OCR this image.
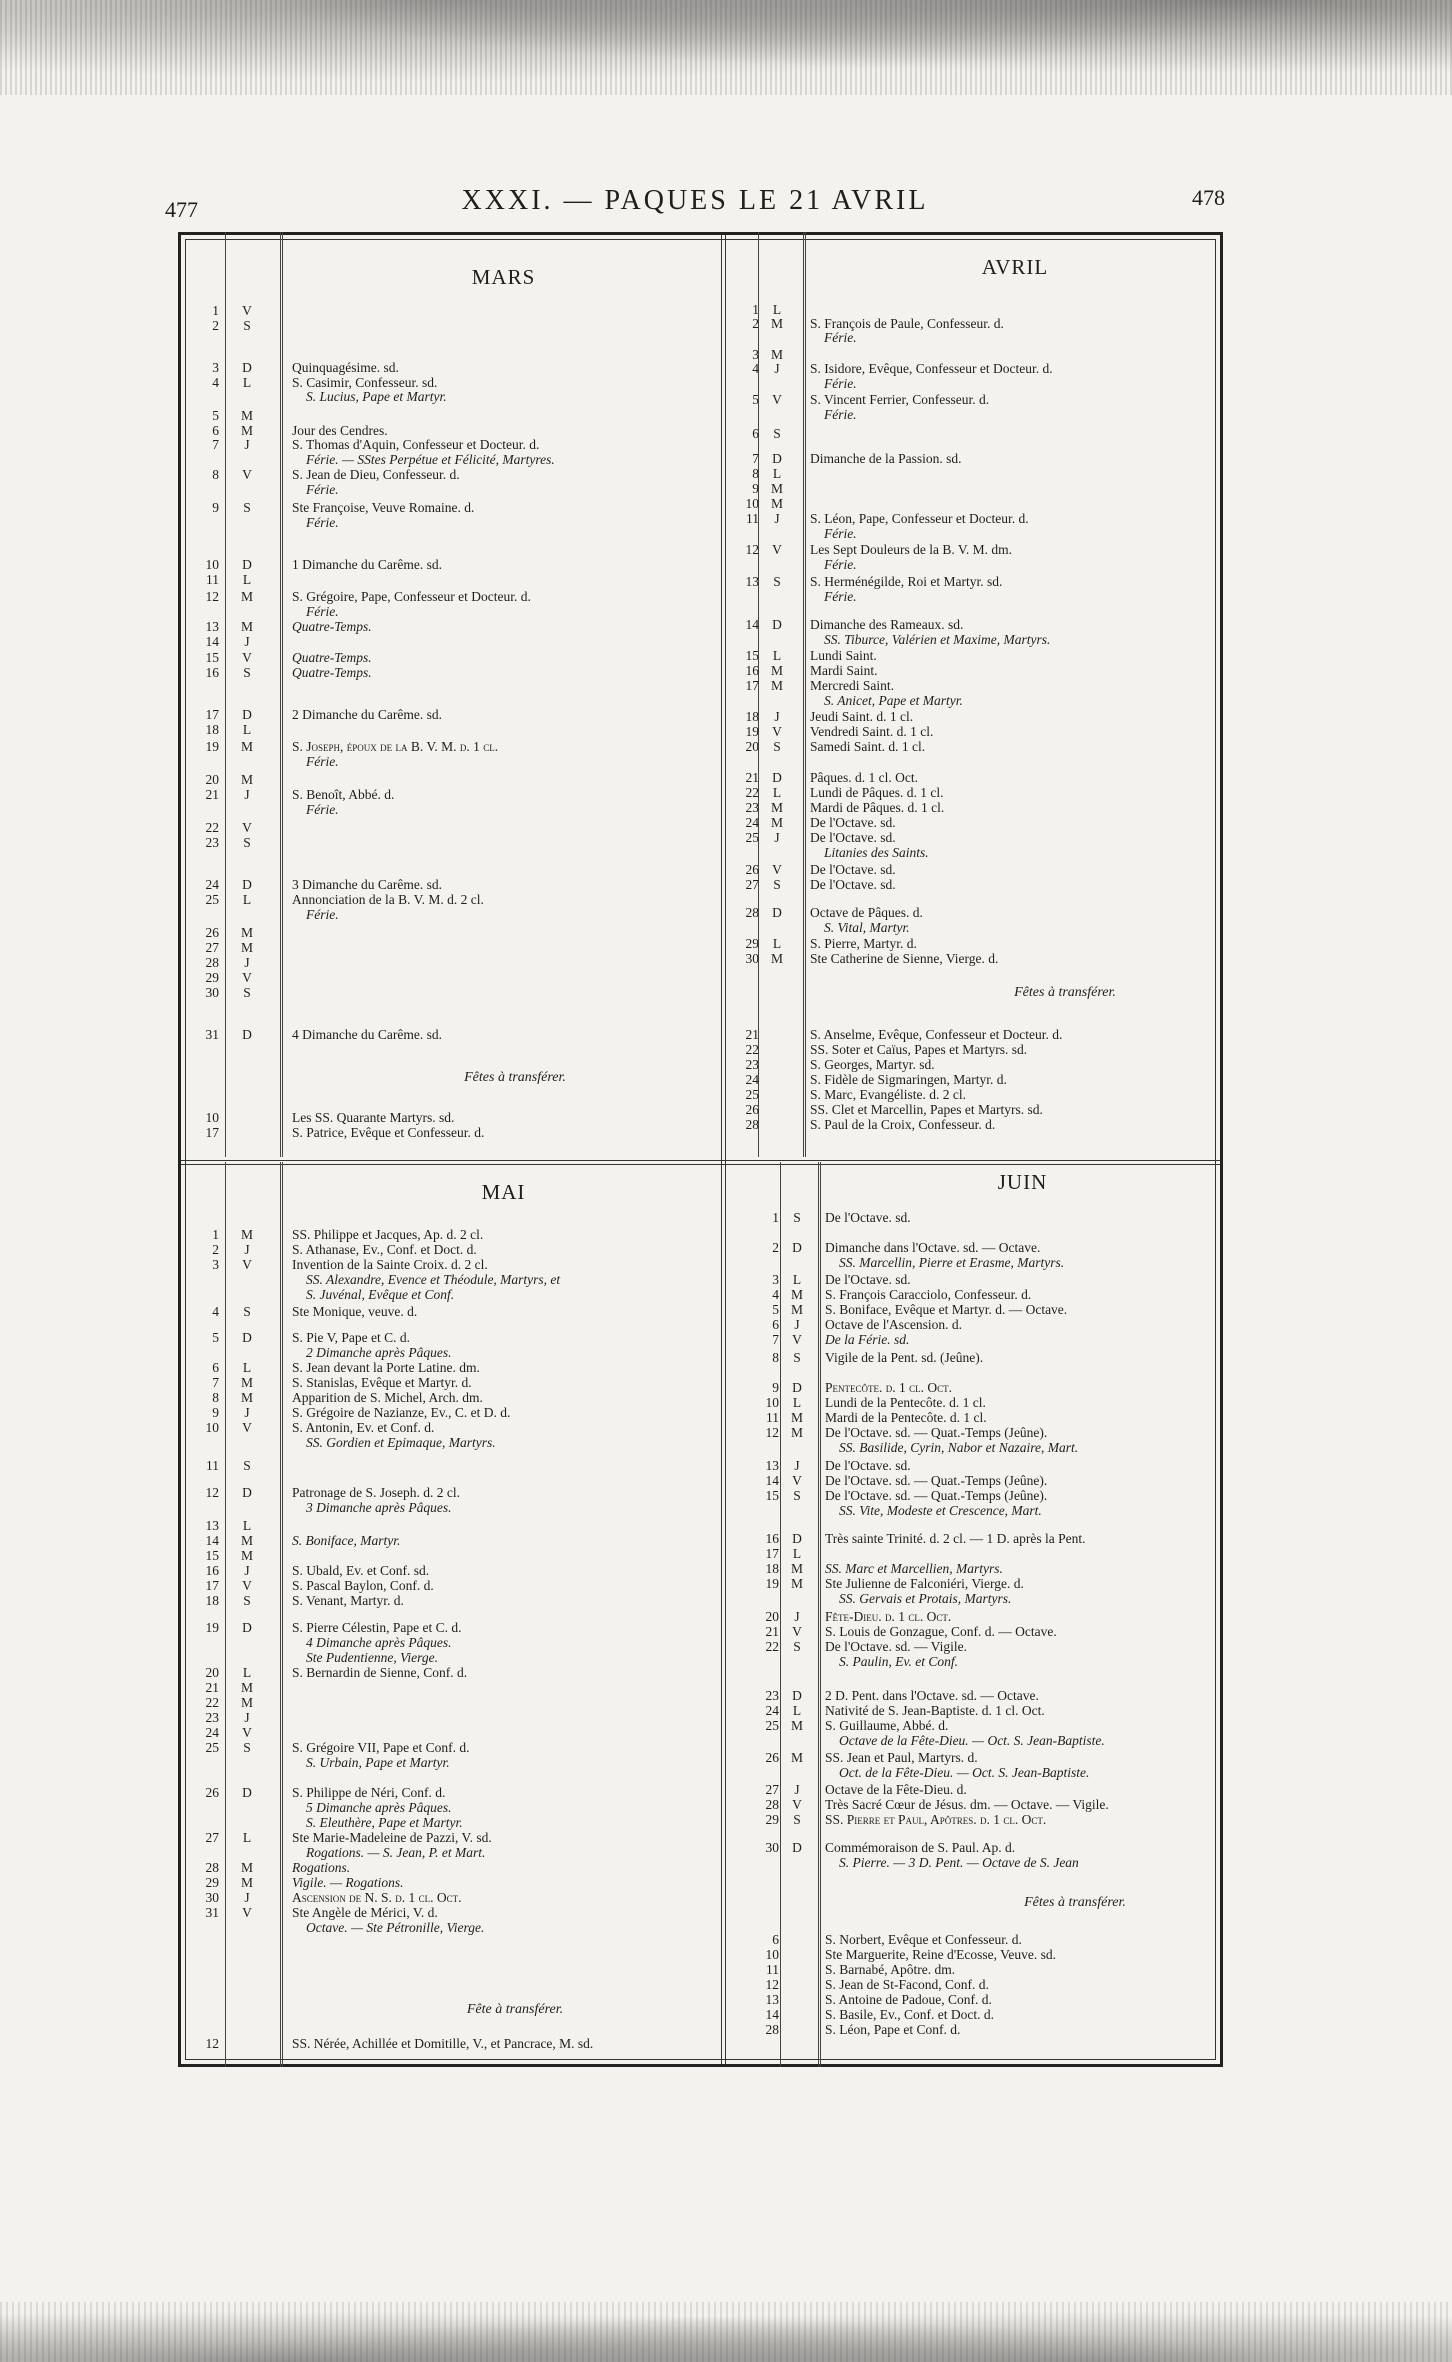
477	XXXI. — PAQUES LE 21 AVRIL	478
MARS
1	V
2	S
3	D	Quinquagésime. sd.
4	L	S. Casimir, Confesseur. sd.
S. Lucius, Pape et Martyr.
5	M
6	M	Jour des Cendres.
7	J	S. Thomas d'Aquin, Confesseur et Docteur. d.
Férie. — SStes Perpétue et Félicité, Martyres.
8	V	S. Jean de Dieu, Confesseur. d.
Férie.
9	S	Ste Françoise, Veuve Romaine. d.
Férie.
10	D	1 Dimanche du Carême. sd.
11	L
12	M	S. Grégoire, Pape, Confesseur et Docteur. d.
Férie.
13	M	Quatre-Temps.
14	J
15	V	Quatre-Temps.
16	S	Quatre-Temps.
17	D	2 Dimanche du Carême. sd.
18	L
19	M	S. Joseph, époux de la B. V. M. d. 1 cl.
Férie.
20	M
21	J	S. Benoît, Abbé. d.
Férie.
22	V
23	S
24	D	3 Dimanche du Carême. sd.
25	L	Annonciation de la B. V. M. d. 2 cl.
Férie.
26	M
27	M
28	J
29	V
30	S
31	D	4 Dimanche du Carême. sd.
10	Les SS. Quarante Martyrs. sd.
17	S. Patrice, Evêque et Confesseur. d.
Fêtes à transférer.
AVRIL
1	L
2 M	S. François de Paule, Confesseur. d.
Férie.
3 M
4	J	S. Isidore, Evêque, Confesseur et Docteur. d.
Férie.
5 V	S. Vincent Ferrier, Confesseur. d.
Férie.
6	S
7 D	Dimanche de la Passion. sd.
8	L
9 M
10 M
11	J	S. Léon, Pape, Confesseur et Docteur. d.
Férie.
12 V	Les Sept Douleurs de la B. V. M. dm.
Férie.
13	S	S. Herménégilde, Roi et Martyr. sd.
Férie.
14 D	Dimanche des Rameaux. sd.
SS. Tiburce, Valérien et Maxime, Martyrs.
15	L	Lundi Saint.
16 M	Mardi Saint.
17 M	Mercredi Saint.
S. Anicet, Pape et Martyr.
18	J	Jeudi Saint. d. 1 cl.
19 V	Vendredi Saint. d. 1 cl.
20	S	Samedi Saint. d. 1 cl.
21 D	Pâques. d. 1 cl. Oct.
22	L	Lundi de Pâques. d. 1 cl.
23 M	Mardi de Pâques. d. 1 cl.
24 M	De l'Octave. sd.
25	J	De l'Octave. sd.
Litanies des Saints.
26 V	De l'Octave. sd.
27	S	De l'Octave. sd.
28 D	Octave de Pâques. d.
S. Vital, Martyr.
29	L	S. Pierre, Martyr. d.
30 M	Ste Catherine de Sienne, Vierge. d.
21	S. Anselme, Evêque, Confesseur et Docteur. d.
22	SS. Soter et Caïus, Papes et Martyrs. sd.
23	S. Georges, Martyr. sd.
24	S. Fidèle de Sigmaringen, Martyr. d.
25	S. Marc, Evangéliste. d. 2 cl.
26	SS. Clet et Marcellin, Papes et Martyrs. sd.
28	S. Paul de la Croix, Confesseur. d.
Fêtes à transférer.
MAI
1	M	SS. Philippe et Jacques, Ap. d. 2 cl.
2	J	S. Athanase, Ev., Conf. et Doct. d.
3	V	Invention de la Sainte Croix. d. 2 cl.
SS. Alexandre, Evence et Théodule, Martyrs, et
S. Juvénal, Evêque et Conf.
4	S	Ste Monique, veuve. d.
5	D	S. Pie V, Pape et C. d.
2 Dimanche après Pâques.
6	L	S. Jean devant la Porte Latine. dm.
7	M	S. Stanislas, Evêque et Martyr. d.
8	M	Apparition de S. Michel, Arch. dm.
9	J	S. Grégoire de Nazianze, Ev., C. et D. d.
10	V	S. Antonin, Ev. et Conf. d.
SS. Gordien et Epimaque, Martyrs.
11	S
12	D	Patronage de S. Joseph. d. 2 cl.
3 Dimanche après Pâques.
13	L
14	M	S. Boniface, Martyr.
15	M
16	J	S. Ubald, Ev. et Conf. sd.
17	V	S. Pascal Baylon, Conf. d.
18	S	S. Venant, Martyr. d.
19	D	S. Pierre Célestin, Pape et C. d.
4 Dimanche après Pâques.
Ste Pudentienne, Vierge.
20	L	S. Bernardin de Sienne, Conf. d.
21	M
22	M
23	J
24	V
25	S	S. Grégoire VII, Pape et Conf. d.
S. Urbain, Pape et Martyr.
26	D	S. Philippe de Néri, Conf. d.
5 Dimanche après Pâques.
S. Eleuthère, Pape et Martyr.
27	L	Ste Marie-Madeleine de Pazzi, V. sd.
Rogations. — S. Jean, P. et Mart.
28	M	Rogations.
29	M	Vigile. — Rogations.
30	J	Ascension de N. S. d. 1 cl. Oct.
31	V	Ste Angèle de Mérici, V. d.
Octave. — Ste Pétronille, Vierge.
12	SS. Nérée, Achillée et Domitille, V., et Pancrace, M. sd.
Fête à transférer.
JUIN
1	S	De l'Octave. sd.
2 D	Dimanche dans l'Octave. sd. — Octave.
SS. Marcellin, Pierre et Erasme, Martyrs.
3	L	De l'Octave. sd.
4 M	S. François Caracciolo, Confesseur. d.
5 M	S. Boniface, Evêque et Martyr. d. — Octave.
6	J	Octave de l'Ascension. d.
7 V	De la Férie. sd.
8	S	Vigile de la Pent. sd. (Jeûne).
9 D	Pentecôte. d. 1 cl. Oct.
10	L	Lundi de la Pentecôte. d. 1 cl.
11 M	Mardi de la Pentecôte. d. 1 cl.
12 M	De l'Octave. sd. — Quat.-Temps (Jeûne).
SS. Basilide, Cyrin, Nabor et Nazaire, Mart.
13	J	De l'Octave. sd.
14 V	De l'Octave. sd. — Quat.-Temps (Jeûne).
15	S	De l'Octave. sd. — Quat.-Temps (Jeûne).
SS. Vite, Modeste et Crescence, Mart.
16 D	Très sainte Trinité. d. 2 cl. — 1 D. après la Pent.
17	L
18 M	SS. Marc et Marcellien, Martyrs.
19 M	Ste Julienne de Falconiéri, Vierge. d.
SS. Gervais et Protais, Martyrs.
20	J	Fête-Dieu. d. 1 cl. Oct.
21 V	S. Louis de Gonzague, Conf. d. — Octave.
22	S	De l'Octave. sd. — Vigile.
S. Paulin, Ev. et Conf.
23 D	2 D. Pent. dans l'Octave. sd. — Octave.
24	L	Nativité de S. Jean-Baptiste. d. 1 cl. Oct.
25 M	S. Guillaume, Abbé. d.
Octave de la Fête-Dieu. — Oct. S. Jean-Baptiste.
26 M	SS. Jean et Paul, Martyrs. d.
Oct. de la Fête-Dieu. — Oct. S. Jean-Baptiste.
27	J	Octave de la Fête-Dieu. d.
28 V	Très Sacré Cœur de Jésus. dm. — Octave. — Vigile.
29	S	SS. Pierre et Paul, Apôtres. d. 1 cl. Oct.
30 D	Commémoraison de S. Paul. Ap. d.
S. Pierre. — 3 D. Pent. — Octave de S. Jean
6	S. Norbert, Evêque et Confesseur. d.
10	Ste Marguerite, Reine d'Ecosse, Veuve. sd.
11	S. Barnabé, Apôtre. dm.
12	S. Jean de St-Facond, Conf. d.
13	S. Antoine de Padoue, Conf. d.
14	S. Basile, Ev., Conf. et Doct. d.
28	S. Léon, Pape et Conf. d.
Fêtes à transférer.
